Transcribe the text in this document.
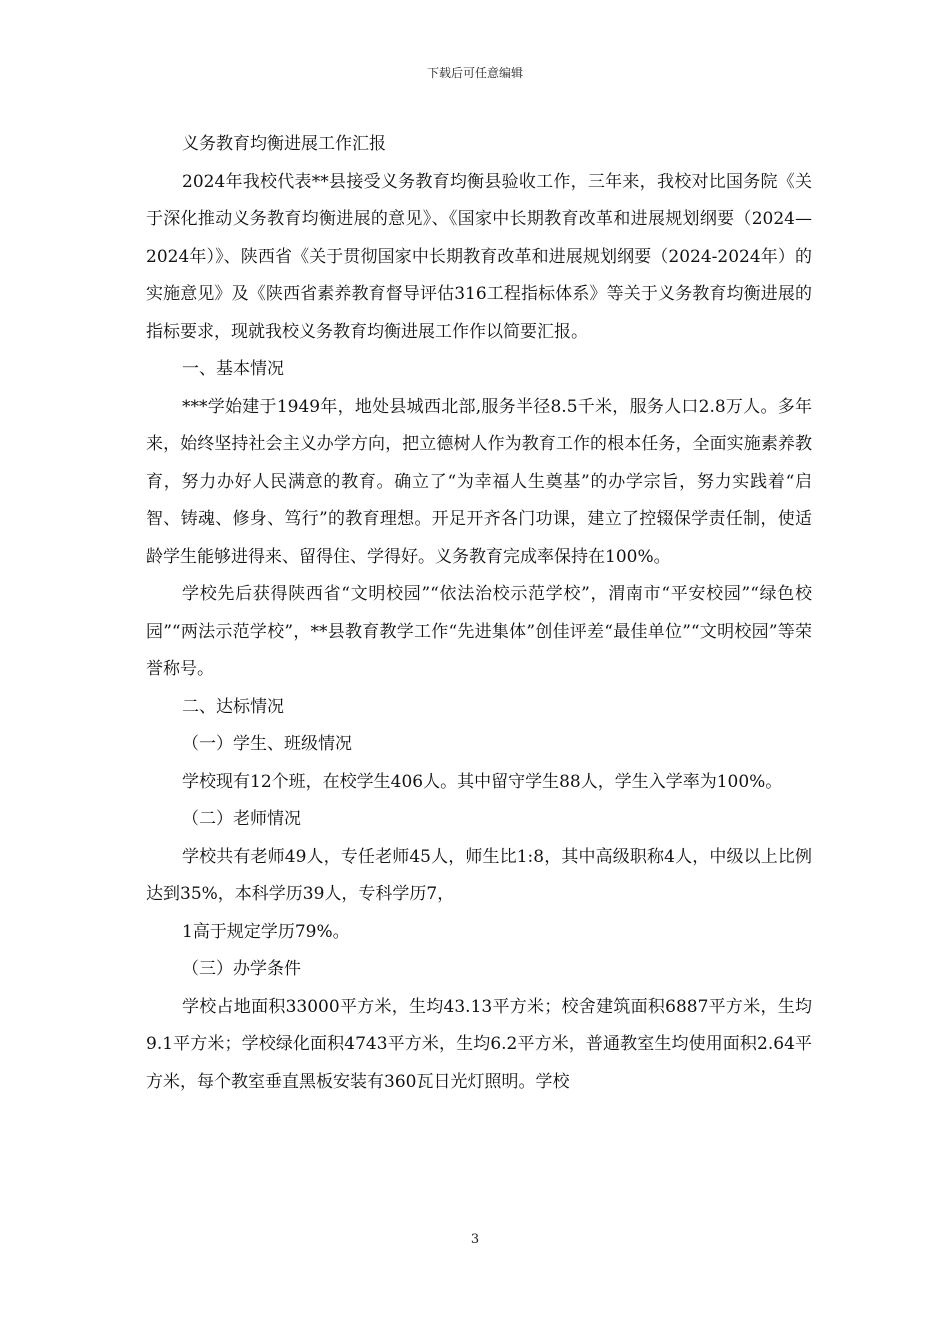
下载后可任意编辑

义务教育均衡进展工作汇报

2024年我校代表**县接受义务教育均衡县验收工作，三年来，我校对比国务院《关于深化推动义务教育均衡进展的意见》、《国家中长期教育改革和进展规划纲要（2024—2024年）》、陕西省《关于贯彻国家中长期教育改革和进展规划纲要（2024-2024年）的实施意见》及《陕西省素养教育督导评估316工程指标体系》等关于义务教育均衡进展的指标要求，现就我校义务教育均衡进展工作作以简要汇报。

一、基本情况

***学始建于1949年，地处县城西北部,服务半径8.5千米，服务人口2.8万人。多年来，始终坚持社会主义办学方向，把立德树人作为教育工作的根本任务，全面实施素养教育，努力办好人民满意的教育。确立了“为幸福人生奠基”的办学宗旨，努力实践着“启智、铸魂、修身、笃行”的教育理想。开足开齐各门功课，建立了控辍保学责任制，使适龄学生能够进得来、留得住、学得好。义务教育完成率保持在100%。

学校先后获得陕西省“文明校园”“依法治校示范学校”，渭南市“平安校园”“绿色校园”“两法示范学校”，**县教育教学工作“先进集体”创佳评差“最佳单位”“文明校园”等荣誉称号。

二、达标情况

（一）学生、班级情况

学校现有12个班，在校学生406人。其中留守学生88人，学生入学率为100%。

（二）老师情况

学校共有老师49人，专任老师45人，师生比1:8，其中高级职称4人，中级以上比例达到35%，本科学历39人，专科学历7，

1高于规定学历79%。

（三）办学条件

学校占地面积33000平方米，生均43.13平方米；校舍建筑面积6887平方米，生均9.1平方米；学校绿化面积4743平方米，生均6.2平方米，普通教室生均使用面积2.64平方米，每个教室垂直黑板安装有360瓦日光灯照明。学校

3
